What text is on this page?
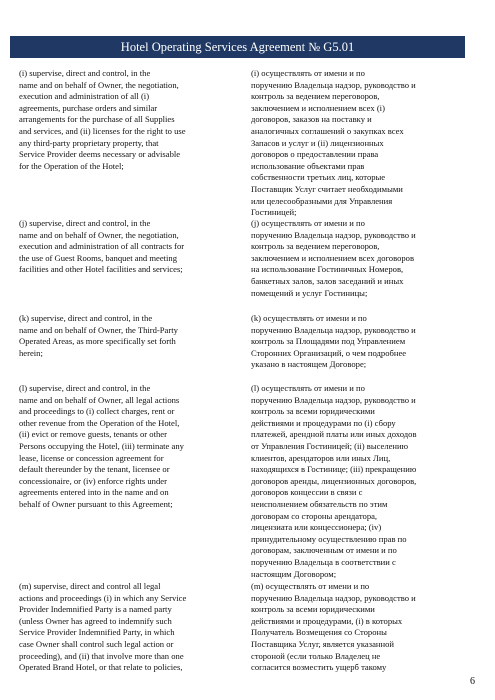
Hotel Operating Services Agreement № G5.01
(i) supervise, direct and control, in the
name and on behalf of Owner, the negotiation,
execution and administration of all (i)
agreements, purchase orders and similar
arrangements for the purchase of all Supplies
and services, and (ii) licenses for the right to use
any third-party proprietary property, that
Service Provider deems necessary or advisable
for the Operation of the Hotel;
(i) осуществлять от имени и по
поручению Владельца надзор, руководство и
контроль за ведением переговоров,
заключением и исполнением всех (i)
договоров, заказов на поставку и
аналогичных соглашений о закупках всех
Запасов и услуг и (ii) лицензионных
договоров о предоставлении права
использование объектами прав
собственности третьих лиц, которые
Поставщик Услуг считает необходимыми
или целесообразными для Управления
Гостиницей;
(j) supervise, direct and control, in the
name and on behalf of Owner, the negotiation,
execution and administration of all contracts for
the use of Guest Rooms, banquet and meeting
facilities and other Hotel facilities and services;
(j) осуществлять от имени и по
поручению Владельца надзор, руководство и
контроль за ведением переговоров,
заключением и исполнением всех договоров
на использование Гостиничных Номеров,
банкетных залов, залов заседаний и иных
помещений и услуг Гостиницы;
(k) supervise, direct and control, in the
name and on behalf of Owner, the Third-Party
Operated Areas, as more specifically set forth
herein;
(k) осуществлять от имени и по
поручению Владельца надзор, руководство и
контроль за Площадями под Управлением
Сторонних Организаций, о чем подробнее
указано в настоящем Договоре;
(l) supervise, direct and control, in the
name and on behalf of Owner, all legal actions
and proceedings to (i) collect charges, rent or
other revenue from the Operation of the Hotel,
(ii) evict or remove guests, tenants or other
Persons occupying the Hotel, (iii) terminate any
lease, license or concession agreement for
default thereunder by the tenant, licensee or
concessionaire, or (iv) enforce rights under
agreements entered into in the name and on
behalf of Owner pursuant to this Agreement;
(l) осуществлять от имени и по
поручению Владельца надзор, руководство и
контроль за всеми юридическими
действиями и процедурами по (i) сбору
платежей, арендной платы или иных доходов
от Управления Гостиницей; (ii) выселению
клиентов, арендаторов или иных Лиц,
находящихся в Гостинице; (iii) прекращению
договоров аренды, лицензионных договоров,
договоров концессии в связи с
неисполнением обязательств по этим
договорам со стороны арендатора,
лицензиата или концессионера; (iv)
принудительному осуществлению прав по
договорам, заключенным от имени и по
поручению Владельца в соответствии с
настоящим Договором;
(m) supervise, direct and control all legal
actions and proceedings (i) in which any Service
Provider Indemnified Party is a named party
(unless Owner has agreed to indemnify such
Service Provider Indemnified Party, in which
case Owner shall control such legal action or
proceeding), and (ii) that involve more than one
Operated Brand Hotel, or that relate to policies,
(m) осуществлять от имени и по
поручению Владельца надзор, руководство и
контроль за всеми юридическими
действиями и процедурами, (i) в которых
Получатель Возмещения со Стороны
Поставщика Услуг, является указанной
стороной (если только Владелец не
согласится возместить ущерб такому
6
